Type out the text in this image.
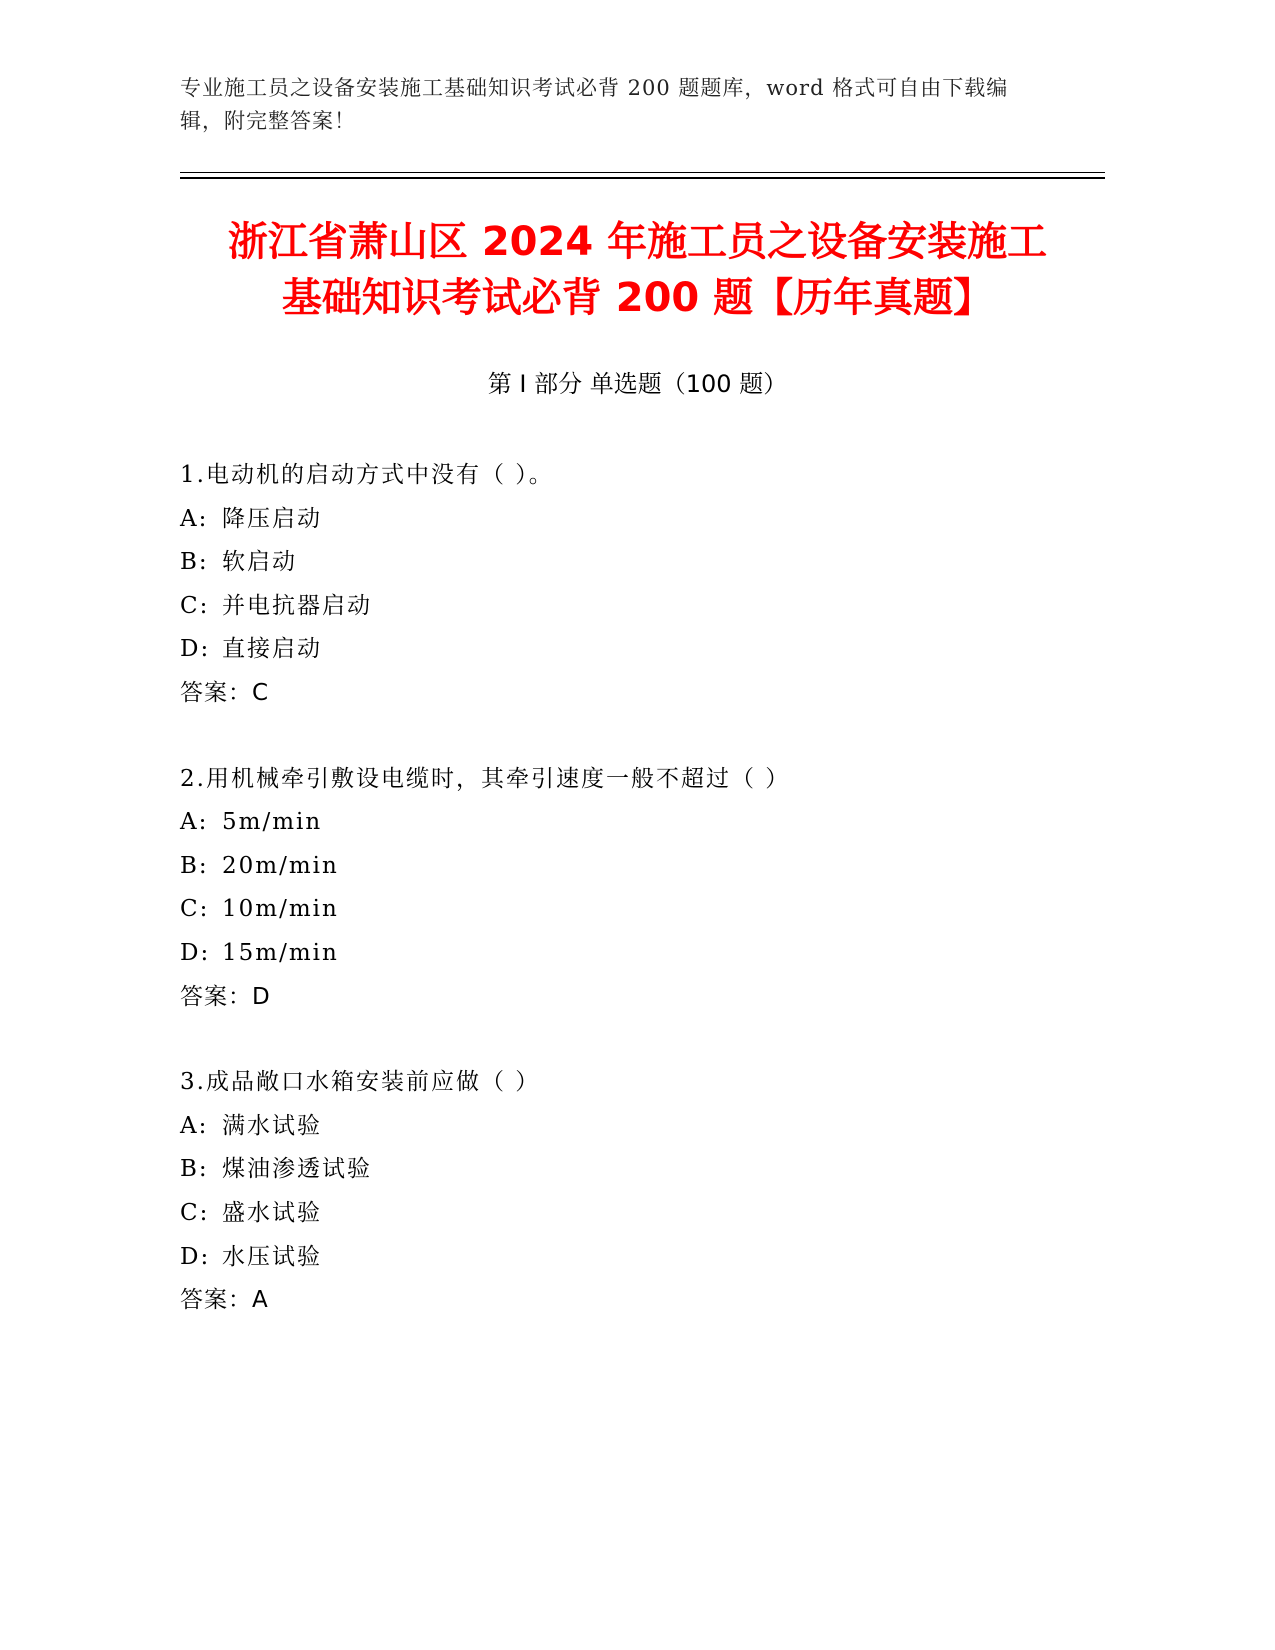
专业施工员之设备安装施工基础知识考试必背 200 题题库，word 格式可自由下载编辑，附完整答案！
浙江省萧山区 2024 年施工员之设备安装施工
基础知识考试必背 200 题【历年真题】
第 I 部分 单选题（100 题）
1.电动机的启动方式中没有（ ）。
A: 降压启动
B: 软启动
C: 并电抗器启动
D: 直接启动
答案：C
2.用机械牵引敷设电缆时，其牵引速度一般不超过（ ）
A: 5m/min
B: 20m/min
C: 10m/min
D: 15m/min
答案：D
3.成品敞口水箱安装前应做（ ）
A: 满水试验
B: 煤油渗透试验
C: 盛水试验
D: 水压试验
答案：A
